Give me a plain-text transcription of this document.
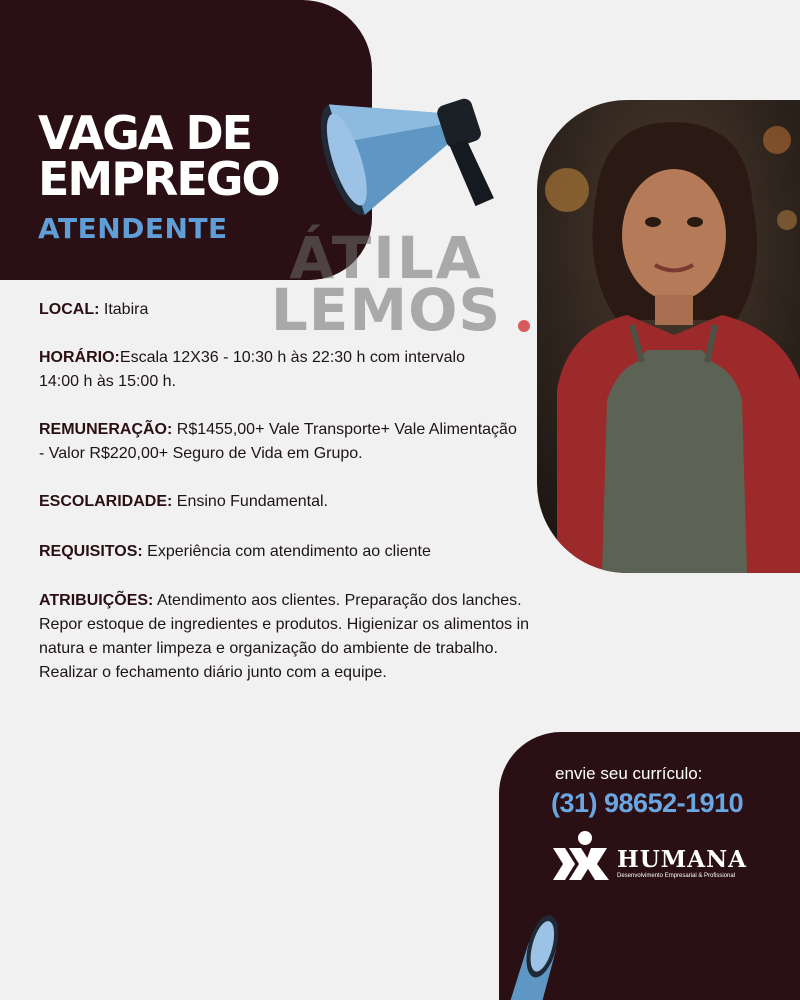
VAGA DE
EMPREGO
ATENDENTE	ÁTILA
LEMOS

LOCAL: Itabira

HORÁRIO:Escala 12X36 - 10:30 h às 22:30 h com intervalo 14:00 h às 15:00 h.

REMUNERAÇÃO: R$1455,00+ Vale Transporte+ Vale Alimentação - Valor R$220,00+ Seguro de Vida em Grupo.

ESCOLARIDADE: Ensino Fundamental.

REQUISITOS: Experiência com atendimento ao cliente

ATRIBUIÇÕES: Atendimento aos clientes. Preparação dos lanches. Repor estoque de ingredientes e produtos. Higienizar os alimentos in natura e manter limpeza e organização do ambiente de trabalho. Realizar o fechamento diário junto com a equipe.

envie seu currículo:

(31) 98652-1910

HUMANA

Desenvolvimento Empresarial & Profissional
